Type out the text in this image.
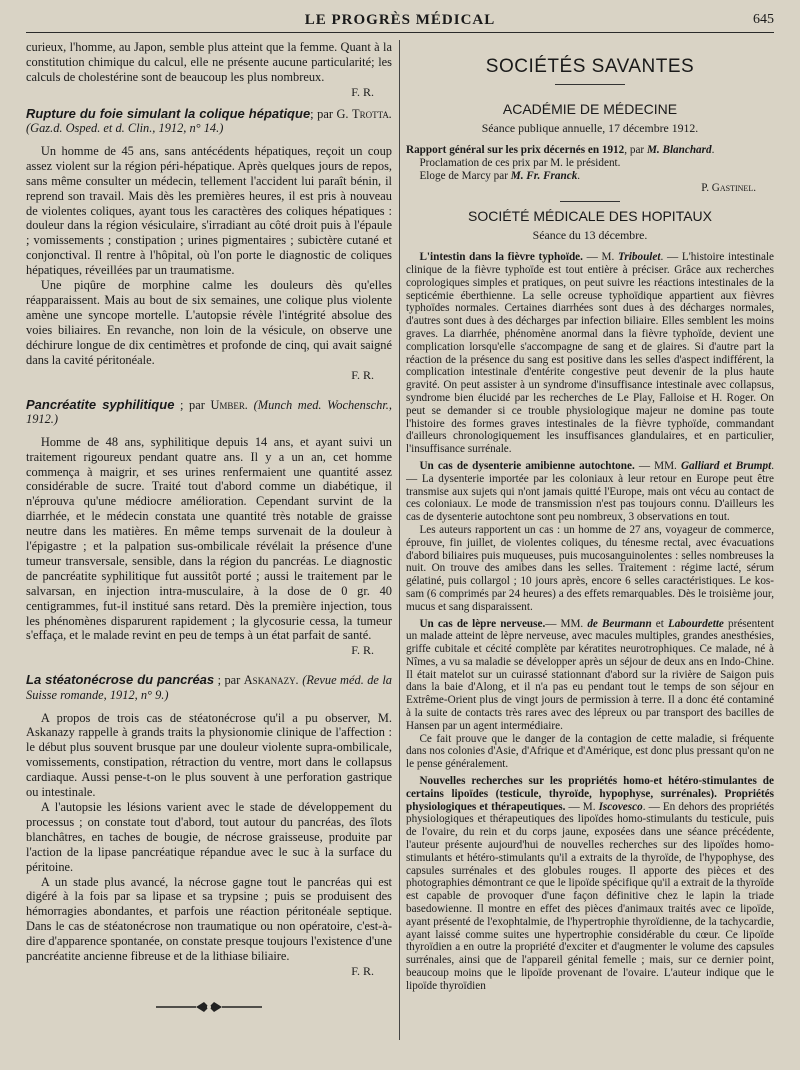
LE PROGRÈS MÉDICAL	645

curieux, l'homme, au Japon, semble plus atteint que la femme. Quant à la constitution chimique du calcul, elle ne présente aucune particularité; les calculs de cholestérine sont de beaucoup les plus nombreux.

F. R.

Rupture du foie simulant la colique hépatique; par G. Trotta. (Gaz.d. Osped. et d. Clin., 1912, n° 14.)

Un homme de 45 ans, sans antécédents hépatiques, reçoit un coup assez violent sur la région péri-hépatique. Après quelques jours de repos, sans même consulter un médecin, tellement l'accident lui paraît bénin, il reprend son travail. Mais dès les premières heures, il est pris à nouveau de violentes coliques, ayant tous les caractères des coliques hépatiques : douleur dans la région vésiculaire, s'irradiant au côté droit puis à l'épaule ; vomissements ; constipation ; urines pigmentaires ; subictère cutané et conjonctival. Il rentre à l'hôpital, où l'on porte le diagnostic de coliques hépatiques, réveillées par un traumatisme.

Une piqûre de morphine calme les douleurs dès qu'elles réapparaissent. Mais au bout de six semaines, une colique plus violente amène une syncope mortelle. L'autopsie révèle l'intégrité absolue des voies biliaires. En revanche, non loin de la vésicule, on observe une déchirure longue de dix centimètres et profonde de cinq, qui avait saigné dans la cavité péritonéale.

F. R.

Pancréatite syphilitique ; par Umber. (Munch med. Wochenschr., 1912.)

Homme de 48 ans, syphilitique depuis 14 ans, et ayant suivi un traitement rigoureux pendant quatre ans. Il y a un an, cet homme commença à maigrir, et ses urines renfermaient une quantité assez considérable de sucre. Traité tout d'abord comme un diabétique, il n'éprouva qu'une médiocre amélioration. Cependant survint de la diarrhée, et le médecin constata une quantité très notable de graisse neutre dans les matières. En même temps survenait de la douleur à l'épigastre ; et la palpation sus-ombilicale révélait la présence d'une tumeur transversale, sensible, dans la région du pancréas. Le diagnostic de pancréatite syphilitique fut aussitôt porté ; aussi le traitement par le salvarsan, en injection intra-musculaire, à la dose de 0 gr. 40 centigrammes, fut-il institué sans retard. Dès la première injection, tous les phénomènes disparurent rapidement ; la glycosurie cessa, la tumeur s'effaça, et le malade revint en peu de temps à un état parfait de santé.

F. R.

La stéatonécrose du pancréas ; par Askanazy. (Revue méd. de la Suisse romande, 1912, n° 9.)

A propos de trois cas de stéatonécrose qu'il a pu observer, M. Askanazy rappelle à grands traits la physionomie clinique de l'affection : le début plus souvent brusque par une douleur violente supra-ombilicale, vomissements, constipation, rétraction du ventre, mort dans le collapsus cardiaque. Aussi pense-t-on le plus souvent à une perforation gastrique ou intestinale.

A l'autopsie les lésions varient avec le stade de développement du processus ; on constate tout d'abord, tout autour du pancréas, des îlots blanchâtres, en taches de bougie, de nécrose graisseuse, produite par l'action de la lipase pancréatique répandue avec le suc à la surface du péritoine.

A un stade plus avancé, la nécrose gagne tout le pancréas qui est digéré à la fois par sa lipase et sa trypsine ; puis se produisent des hémorragies abondantes, et parfois une réaction péritonéale septique. Dans le cas de stéatonécrose non traumatique ou non opératoire, c'est-à-dire d'apparence spontanée, on constate presque toujours l'existence d'une pancréatite ancienne fibreuse et de la lithiase biliaire.

F. R.

SOCIÉTÉS SAVANTES
ACADÉMIE DE MÉDECINE
Séance publique annuelle, 17 décembre 1912.

Rapport général sur les prix décernés en 1912, par M. Blanchard.

Proclamation de ces prix par M. le président.

Eloge de Marcy par M. Fr. Franck.

P. Gastinel.

SOCIÉTÉ MÉDICALE DES HOPITAUX
Séance du 13 décembre.

L'intestin dans la fièvre typhoïde. — M. Triboulet. — L'histoire intestinale clinique de la fièvre typhoïde est tout entière à préciser. Grâce aux recherches coprologiques simples et pratiques, on peut suivre les réactions intestinales de la septicémie éberthienne. La selle ocreuse typhoïdique appartient aux fièvres typhoïdes normales. Certaines diarrhées sont dues à des décharges normales, d'autres sont dues à des décharges par infection biliaire. Elles semblent les moins graves. La diarrhée, phénomène anormal dans la fièvre typhoïde, devient une complication lorsqu'elle s'accompagne de sang et de glaires. Si d'autre part la réaction de la présence du sang est positive dans les selles d'aspect indifférent, la complication intestinale d'entérite congestive peut devenir de la plus haute gravité. On peut assister à un syndrome d'insuffisance intestinale avec collapsus, syndrome bien élucidé par les recherches de Le Play, Falloise et H. Roger. On peut se demander si ce trouble physiologique majeur ne domine pas toute l'histoire des formes graves intestinales de la fièvre typhoïde, commandant d'ailleurs chronologiquement les insuffisances glandulaires, et en particulier, l'insuffisance surrénale.

Un cas de dysenterie amibienne autochtone. — MM. Galliard et Brumpt. — La dysenterie importée par les coloniaux à leur retour en Europe peut être transmise aux sujets qui n'ont jamais quitté l'Europe, mais ont vécu au contact de ces coloniaux. Le mode de transmission n'est pas toujours connu. D'ailleurs les cas de dysenterie autochtone sont peu nombreux, 3 observations en tout.

Les auteurs rapportent un cas : un homme de 27 ans, voyageur de commerce, éprouve, fin juillet, de violentes coliques, du ténesme rectal, avec évacuations d'abord biliaires puis muqueuses, puis mucosanguinolentes : selles nombreuses la nuit. On trouve des amibes dans les selles. Traitement : régime lacté, sérum gélatiné, puis collargol ; 10 jours après, encore 6 selles caractéristiques. Le kos-sam (6 comprimés par 24 heures) a des effets remarquables. Dès le troisième jour, mucus et sang disparaissent.

Un cas de lèpre nerveuse.— MM. de Beurmann et Labourdette présentent un malade atteint de lèpre nerveuse, avec macules multiples, grandes anesthésies, griffe cubitale et cécité complète par kératites neurotrophiques. Ce malade, né à Nîmes, a vu sa maladie se développer après un séjour de deux ans en Indo-Chine. Il était matelot sur un cuirassé stationnant d'abord sur la rivière de Saigon puis dans la baie d'Along, et il n'a pas eu pendant tout le temps de son séjour en Extrême-Orient plus de vingt jours de permission à terre. Il a donc été contaminé à la suite de contacts très rares avec des lépreux ou par transport des bacilles de Hansen par un agent intermédiaire.

Ce fait prouve que le danger de la contagion de cette maladie, si fréquente dans nos colonies d'Asie, d'Afrique et d'Amérique, est donc plus pressant qu'on ne le pense généralement.

Nouvelles recherches sur les propriétés homo-et hétéro-stimulantes de certains lipoïdes (testicule, thyroïde, hypophyse, surrénales). Propriétés physiologiques et thérapeutiques. — M. Iscovesco. — En dehors des propriétés physiologiques et thérapeutiques des lipoïdes homo-stimulants du testicule, puis de l'ovaire, du rein et du corps jaune, exposées dans une séance précédente, l'auteur présente aujourd'hui de nouvelles recherches sur des lipoïdes homo-stimulants et hétéro-stimulants qu'il a extraits de la thyroïde, de l'hypophyse, des capsules surrénales et des globules rouges. Il apporte des pièces et des photographies démontrant ce que le lipoïde spécifique qu'il a extrait de la thyroïde est capable de provoquer d'une façon définitive chez le lapin la triade basedowienne. Il montre en effet des pièces d'animaux traités avec ce lipoïde, ayant présenté de l'exophtalmie, de l'hypertrophie thyroïdienne, de la tachycardie, ayant laissé comme suites une hypertrophie considérable du cœur. Ce lipoïde thyroïdien a en outre la propriété d'exciter et d'augmenter le volume des capsules surrénales, ainsi que de l'appareil génital femelle ; mais, sur ce dernier point, beaucoup moins que le lipoïde provenant de l'ovaire. L'auteur indique que le lipoïde thyroïdien
